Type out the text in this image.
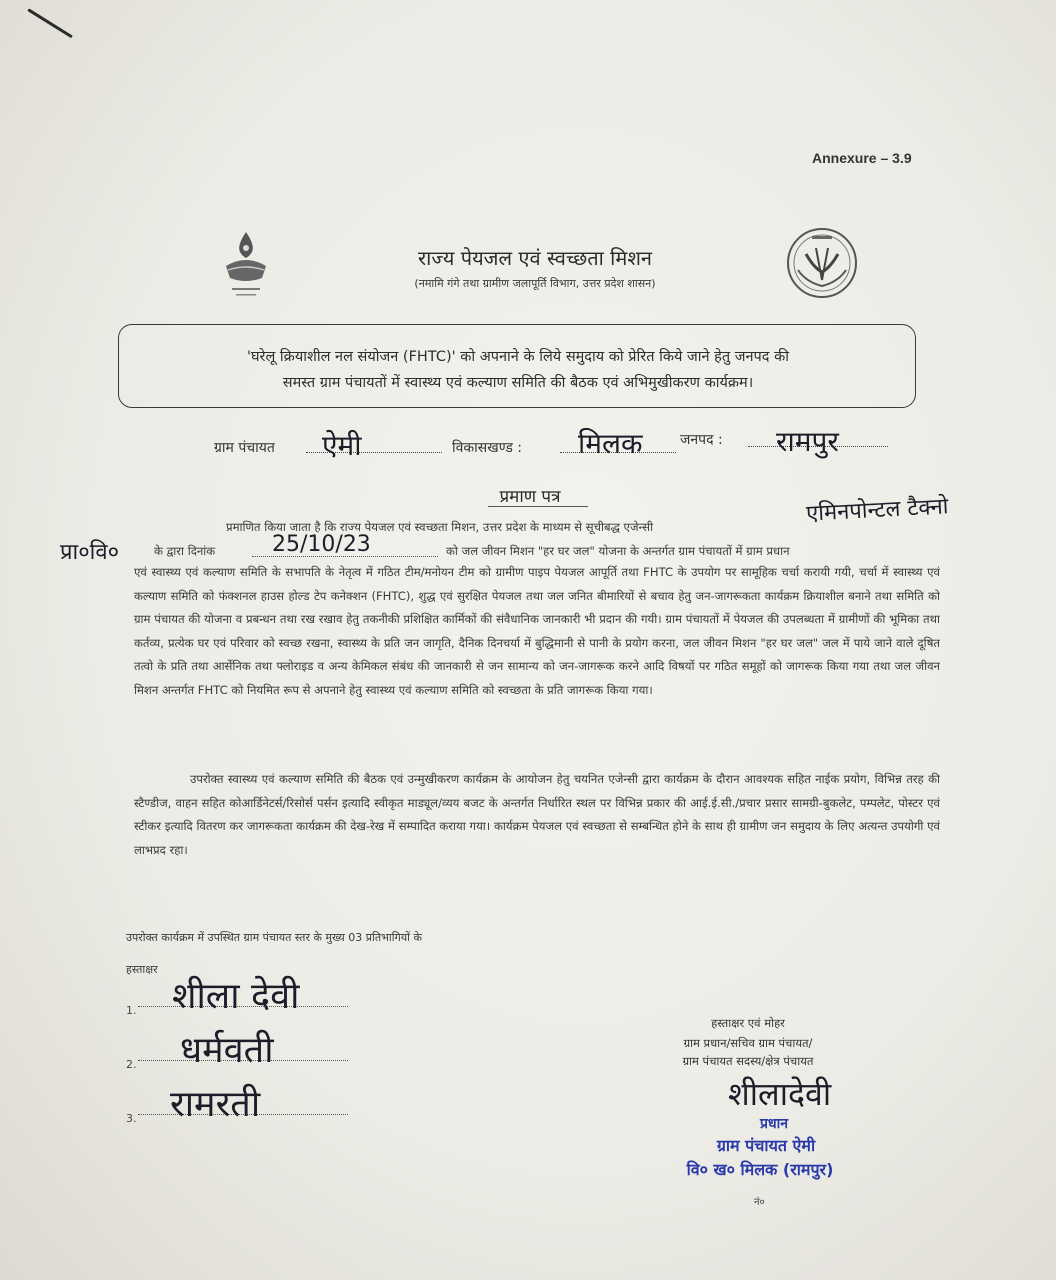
Annexure – 3.9
राज्य पेयजल एवं स्वच्छता मिशन
(नमामि गंगे तथा ग्रामीण जलापूर्ति विभाग, उत्तर प्रदेश शासन)
'घरेलू क्रियाशील नल संयोजन (FHTC)' को अपनाने के लिये समुदाय को प्रेरित किये जाने हेतु जनपद की
समस्त ग्राम पंचायतों में स्वास्थ्य एवं कल्याण समिति की बैठक एवं अभिमुखीकरण कार्यक्रम।
ग्राम पंचायत ऐमी	विकासखण्ड : मिलक	जनपद : रामपुर
प्रमाण पत्र
प्रमाणित किया जाता है कि राज्य पेयजल एवं स्वच्छता मिशन, उत्तर प्रदेश के माध्यम से सूचीबद्ध एजेन्सी
एमिनपोन्टल टैक्नो
प्रा०वि०	के द्वारा दिनांक	25/10/23	को जल जीवन मिशन "हर घर जल" योजना के अन्तर्गत ग्राम पंचायतों में ग्राम प्रधान
एवं स्वास्थ्य एवं कल्याण समिति के सभापति के नेतृत्व में गठित टीम/मनोयन टीम को ग्रामीण पाइप पेयजल आपूर्ति तथा FHTC के उपयोग पर सामूहिक चर्चा करायी गयी, चर्चा में स्वास्थ्य एवं कल्याण समिति को फंक्शनल हाउस होल्ड टेप कनेक्शन (FHTC), शुद्ध एवं सुरक्षित पेयजल तथा जल जनित बीमारियों से बचाव हेतु जन-जागरूकता कार्यक्रम क्रियाशील बनाने तथा समिति को ग्राम पंचायत की योजना व प्रबन्धन तथा रख रखाव हेतु तकनीकी प्रशिक्षित कार्मिकों की संवैधानिक जानकारी भी प्रदान की गयी। ग्राम पंचायतों में पेयजल की उपलब्धता में ग्रामीणों की भूमिका तथा कर्तव्य, प्रत्येक घर एवं परिवार को स्वच्छ रखना, स्वास्थ्य के प्रति जन जागृति, दैनिक दिनचर्या में बुद्धिमानी से पानी के प्रयोग करना, जल जीवन मिशन "हर घर जल" जल में पाये जाने वाले दूषित तत्वो के प्रति तथा आर्सेनिक तथा फ्लोराइड व अन्य केमिकल संबंध की जानकारी से जन सामान्य को जन-जागरूक करने आदि विषयों पर गठित समूहों को जागरूक किया गया तथा जल जीवन मिशन अन्तर्गत FHTC को नियमित रूप से अपनाने हेतु स्वास्थ्य एवं कल्याण समिति को स्वच्छता के प्रति जागरूक किया गया।
उपरोक्त स्वास्थ्य एवं कल्याण समिति की बैठक एवं उन्मुखीकरण कार्यक्रम के आयोजन हेतु चयनित एजेन्सी द्वारा कार्यक्रम के दौरान आवश्यक सहित नाईक प्रयोग, विभिन्न तरह की स्टैण्डीज, वाहन सहित कोआर्डिनेटर्स/रिसोर्स पर्सन इत्यादि स्वीकृत माड्यूल/व्यय बजट के अन्तर्गत निर्धारित स्थल पर विभिन्न प्रकार की आई.ई.सी./प्रचार प्रसार सामग्री-बुकलेट, पम्पलेट, पोस्टर एवं स्टीकर इत्यादि वितरण कर जागरूकता कार्यक्रम की देख-रेख में सम्पादित कराया गया। कार्यक्रम पेयजल एवं स्वच्छता से सम्बन्धित होने के साथ ही ग्रामीण जन समुदाय के लिए अत्यन्त उपयोगी एवं लाभप्रद रहा।
उपरोक्त कार्यक्रम में उपस्थित ग्राम पंचायत स्तर के मुख्य 03 प्रतिभागियों के
हस्ताक्षर
1. शीला देवी
2. धर्मवती
3. रामरती
हस्ताक्षर एवं मोहर
ग्राम प्रधान/सचिव ग्राम पंचायत/
ग्राम पंचायत सदस्य/क्षेत्र पंचायत
शीलादेवी
प्रधान
ग्राम पंचायत ऐमी
वि० ख० मिलक (रामपुर)
नं०
